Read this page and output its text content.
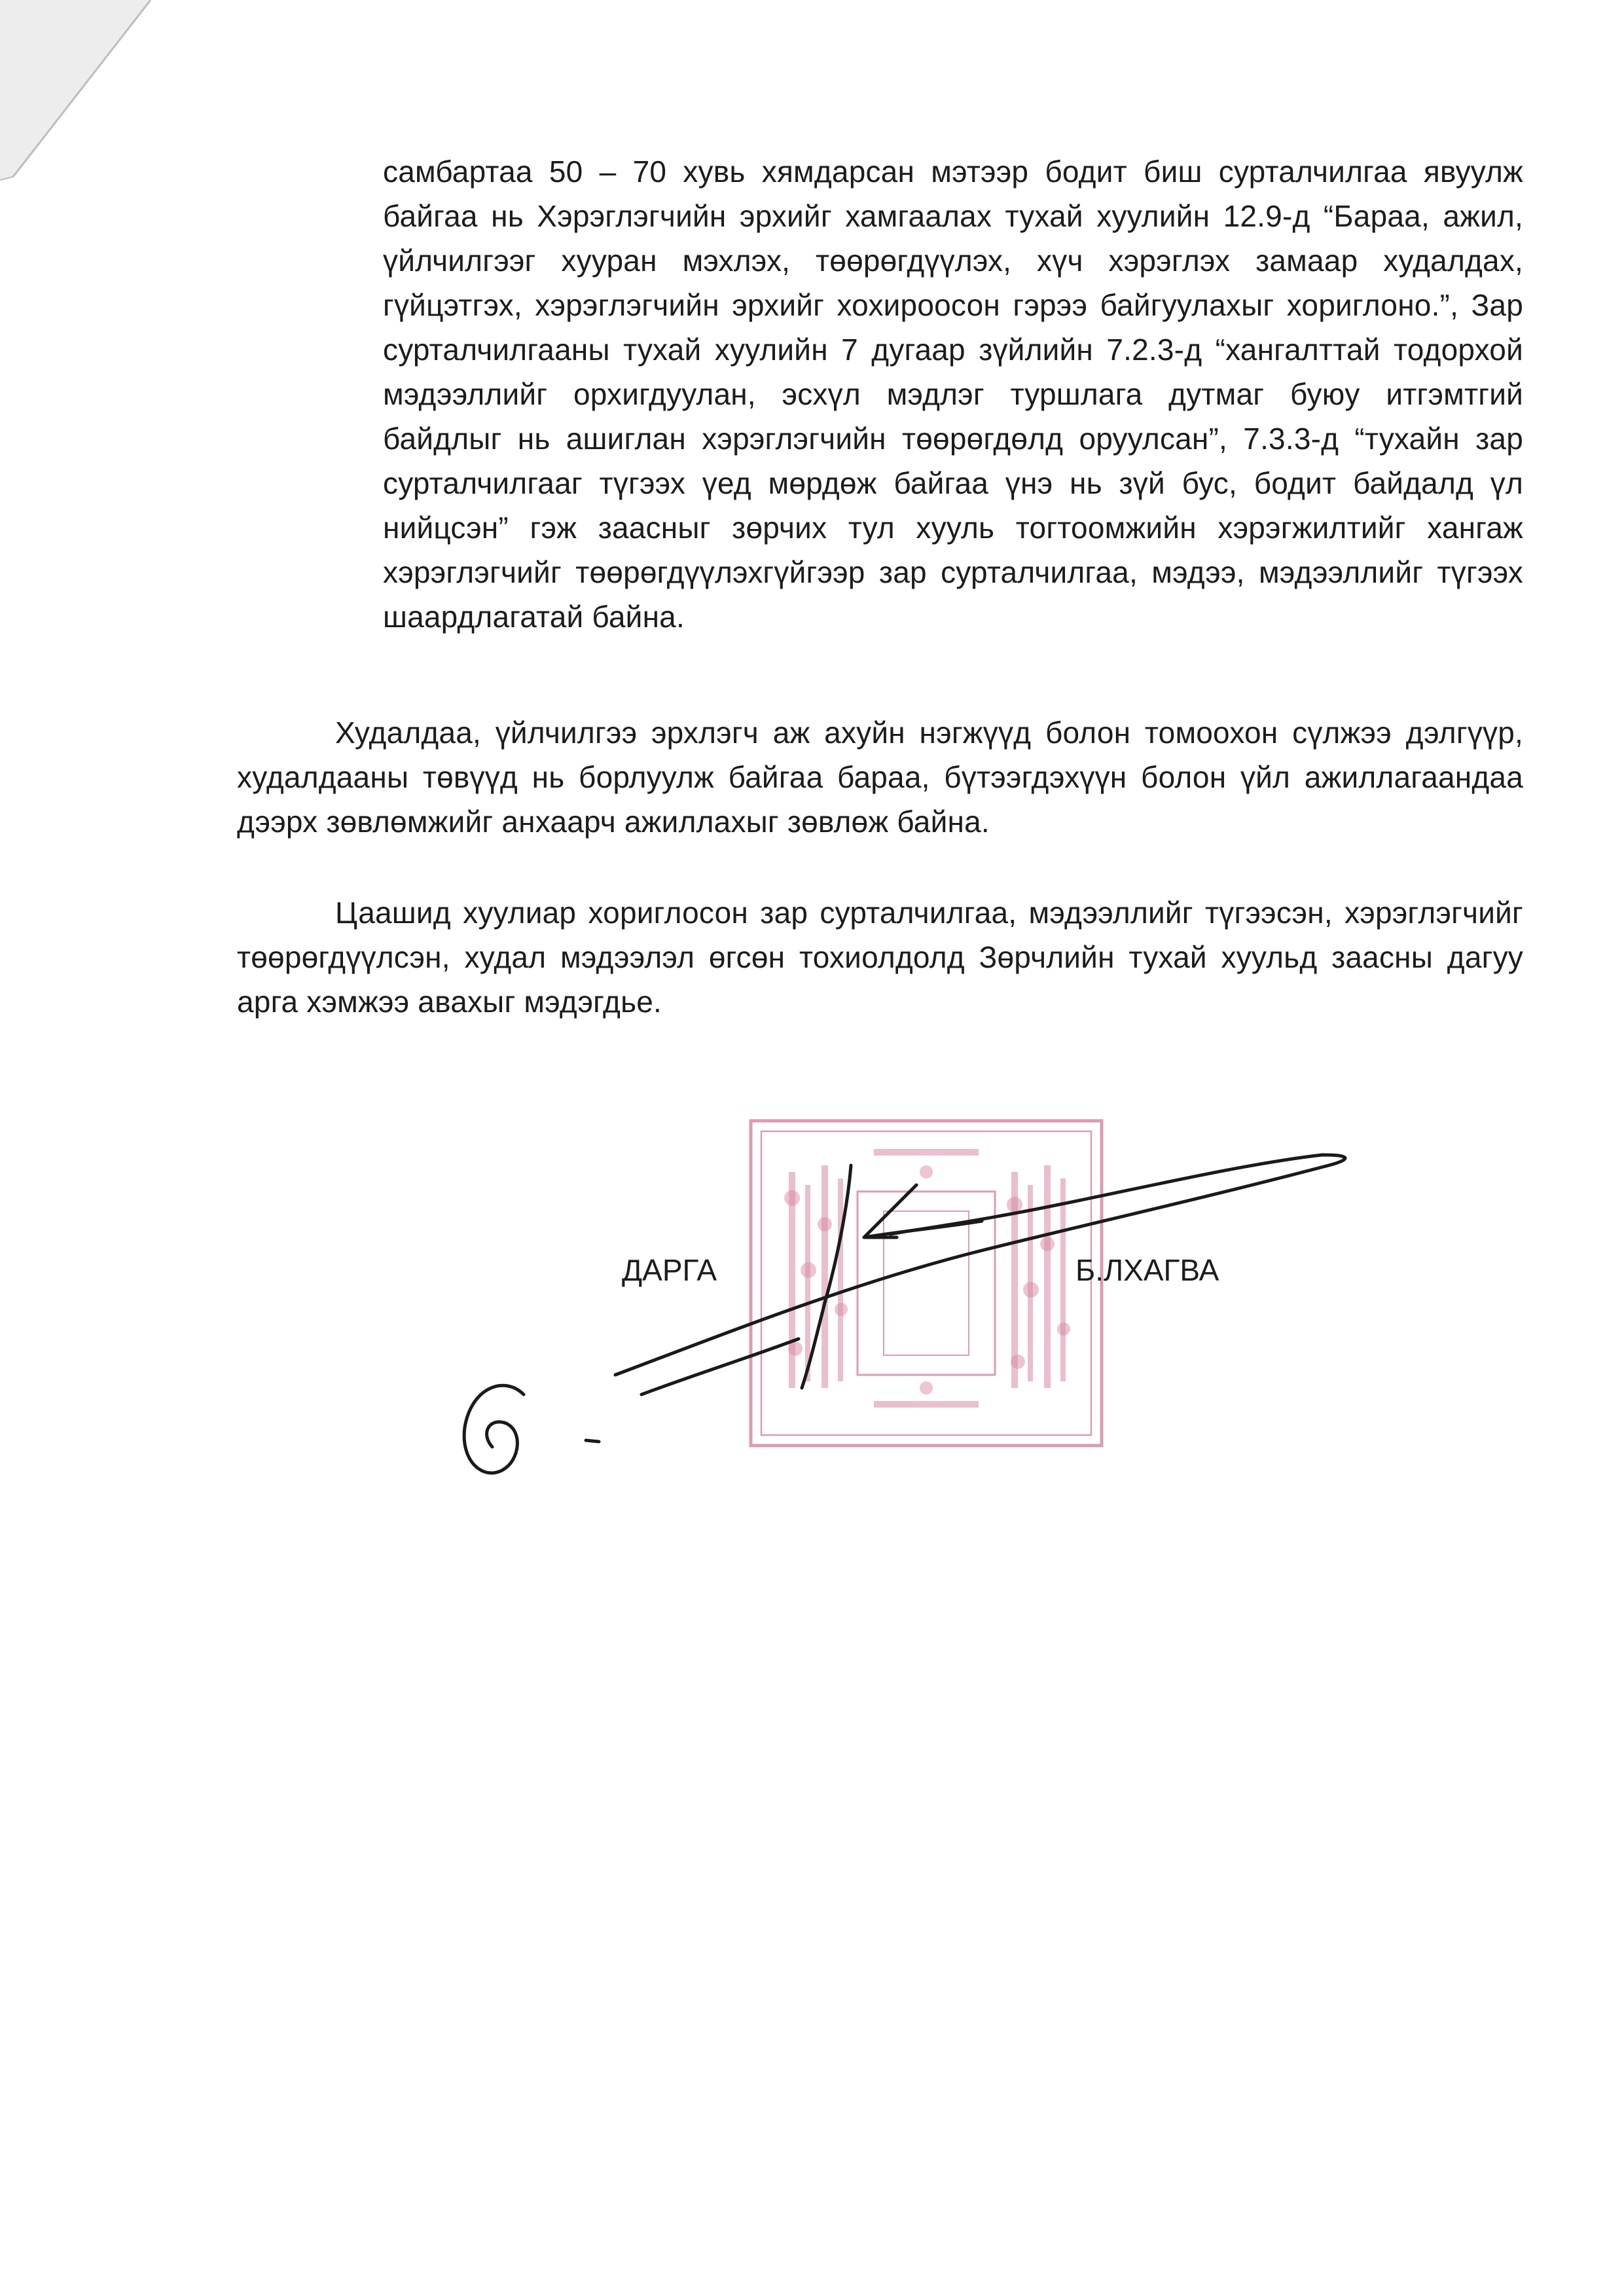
самбартаа 50 – 70 хувь хямдарсан мэтээр бодит биш сурталчилгаа явуулж байгаа нь Хэрэглэгчийн эрхийг хамгаалах тухай хуулийн 12.9-д “Бараа, ажил, үйлчилгээг хууран мэхлэх, төөрөгдүүлэх, хүч хэрэглэх замаар худалдах, гүйцэтгэх, хэрэглэгчийн эрхийг хохироосон гэрээ байгуулахыг хориглоно.”, Зар сурталчилгааны тухай хуулийн 7 дугаар зүйлийн 7.2.3-д “хангалттай тодорхой мэдээллийг орхигдуулан, эсхүл мэдлэг туршлага дутмаг буюу итгэмтгий байдлыг нь ашиглан хэрэглэгчийн төөрөгдөлд оруулсан”, 7.3.3-д “тухайн зар сурталчилгааг түгээх үед мөрдөж байгаа үнэ нь зүй бус, бодит байдалд үл нийцсэн” гэж заасныг зөрчих тул хууль тогтоомжийн хэрэгжилтийг хангаж хэрэглэгчийг төөрөгдүүлэхгүйгээр зар сурталчилгаа, мэдээ, мэдээллийг түгээх шаардлагатай байна.

Худалдаа, үйлчилгээ эрхлэгч аж ахуйн нэгжүүд болон томоохон сүлжээ дэлгүүр, худалдааны төвүүд нь борлуулж байгаа бараа, бүтээгдэхүүн болон үйл ажиллагаандаа дээрх зөвлөмжийг анхаарч ажиллахыг зөвлөж байна.

Цаашид хуулиар хориглосон зар сурталчилгаа, мэдээллийг түгээсэн, хэрэглэгчийг төөрөгдүүлсэн, худал мэдээлэл өгсөн тохиолдолд Зөрчлийн тухай хуульд заасны дагуу арга хэмжээ авахыг мэдэгдье.

ДАРГА	Б.ЛХАГВА
